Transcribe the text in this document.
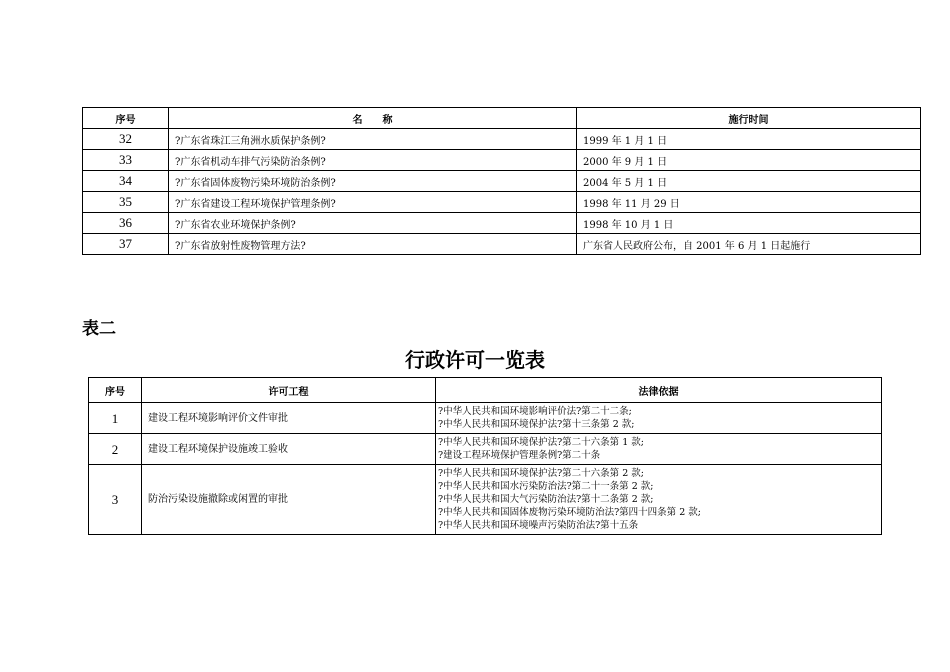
序号	名　　称	施行时间
32	?广东省珠江三角洲水质保护条例?	1999 年 1 月 1 日
33	?广东省机动车排气污染防治条例?	2000 年 9 月 1 日
34	?广东省固体废物污染环境防治条例?	2004 年 5 月 1 日
35	?广东省建设工程环境保护管理条例?	1998 年 11 月 29 日
36	?广东省农业环境保护条例?	1998 年 10 月 1 日
37	?广东省放射性废物管理方法?	广东省人民政府公布，自 2001 年 6 月 1 日起施行
表二
行政许可一览表
序号	许可工程	法律依据
1	建设工程环境影响评价文件审批	?中华人民共和国环境影响评价法?第二十二条;
?中华人民共和国环境保护法?第十三条第 2 款;

2	建设工程环境保护设施竣工验收	?中华人民共和国环境保护法?第二十六条第 1 款;
?建设工程环境保护管理条例?第二十条

3	防治污染设施撤除或闲置的审批	?中华人民共和国环境保护法?第二十六条第 2 款;
?中华人民共和国水污染防治法?第二十一条第 2 款;
?中华人民共和国大气污染防治法?第十二条第 2 款;
?中华人民共和国固体废物污染环境防治法?第四十四条第 2 款;
?中华人民共和国环境噪声污染防治法?第十五条
